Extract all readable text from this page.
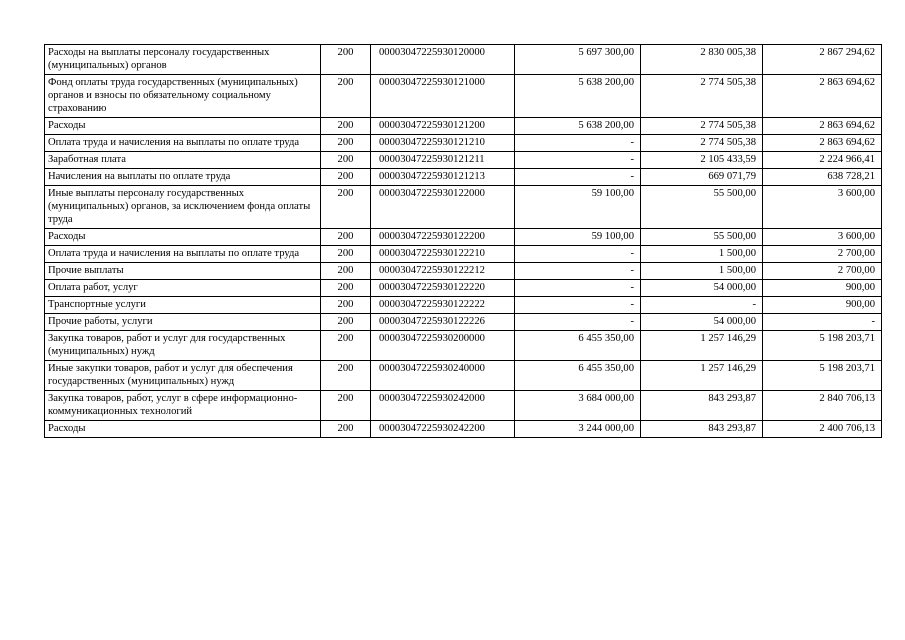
Расходы на выплаты персоналу государственных (муниципальных) органов	200	00003047225930120000	5 697 300,00	2 830 005,38	2 867 294,62
Фонд оплаты труда государственных (муниципальных) органов и взносы по обязательному социальному страхованию	200	00003047225930121000	5 638 200,00	2 774 505,38	2 863 694,62
Расходы	200	00003047225930121200	5 638 200,00	2 774 505,38	2 863 694,62
Оплата труда и начисления на выплаты по оплате труда	200	00003047225930121210	-	2 774 505,38	2 863 694,62
Заработная плата	200	00003047225930121211	-	2 105 433,59	2 224 966,41
Начисления на выплаты по оплате труда	200	00003047225930121213	-	669 071,79	638 728,21
Иные выплаты персоналу государственных (муниципальных) органов, за исключением фонда оплаты труда	200	00003047225930122000	59 100,00	55 500,00	3 600,00
Расходы	200	00003047225930122200	59 100,00	55 500,00	3 600,00
Оплата труда и начисления на выплаты по оплате труда	200	00003047225930122210	-	1 500,00	2 700,00
Прочие выплаты	200	00003047225930122212	-	1 500,00	2 700,00
Оплата работ, услуг	200	00003047225930122220	-	54 000,00	900,00
Транспортные услуги	200	00003047225930122222	-	-	900,00
Прочие работы, услуги	200	00003047225930122226	-	54 000,00	-
Закупка товаров, работ и услуг для государственных (муниципальных) нужд	200	00003047225930200000	6 455 350,00	1 257 146,29	5 198 203,71
Иные закупки товаров, работ и услуг для обеспечения государственных (муниципальных) нужд	200	00003047225930240000	6 455 350,00	1 257 146,29	5 198 203,71
Закупка товаров, работ, услуг в сфере информационно-коммуникационных технологий	200	00003047225930242000	3 684 000,00	843 293,87	2 840 706,13
Расходы	200	00003047225930242200	3 244 000,00	843 293,87	2 400 706,13
